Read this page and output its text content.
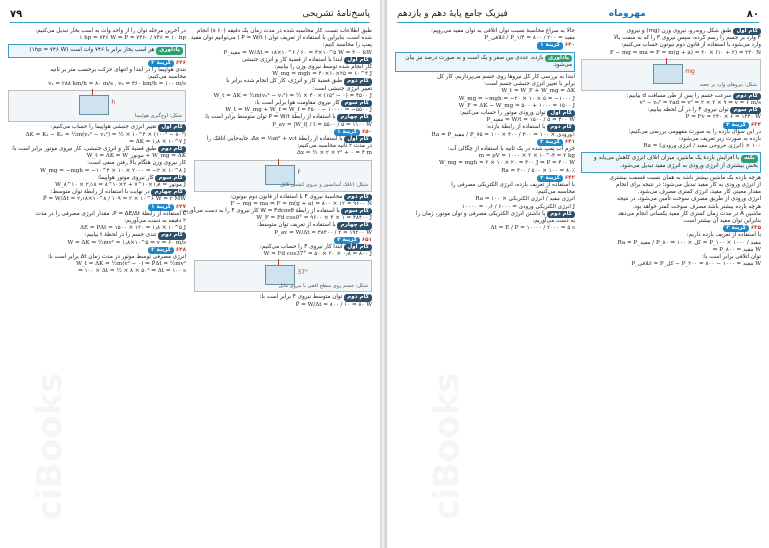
۷۹	پاسخ‌نامهٔ تشریحی
ciBooks
طبق اطلاعات تست، کار محاسبه شده در مدت زمان یک دقیقه (۶۰ s) انجام
شده است، بنابراین با استفاده از تعریف توان ( P = W/t ) می‌توانیم توان مفید
پمپ را محاسبه کنیم:
P_مفید = W/Δt = ۱۸×۱۰^۶ / ۶۰ = ۳×۱۰^۵ W = ۳۰۰ kW
گام اول ابتدا با استفاده از قضیهٔ کار و انرژی جنبشی
کار انجام شده توسط نیروی وزن را بیابیم:
W_mg = mgh = ۴۰×۱۰×۲۵ = ۱۰^۴ J
گام دوم طبق قضیهٔ کار و انرژی، کار کل انجام شده برابر با
تغییر انرژی جنبشی است:
W_t = ΔK = ½m(v₂² − v₁²) = ½ × ۴۰ × (۱۵² − ۰) = ۴۵۰۰ J
گام سوم کار نیروی مقاومت هوا برابر است با:
W_t = W_mg + W_f ⇒ W_f = ۴۵۰۰ − ۱۰۰۰۰ = −۵۵۰۰ J
گام چهارم با استفاده از رابطهٔ P = W/t توان متوسط برابر است با:
P_av = |W_f| / t = ۵۵۰۰ / ۵ = ۱۱۰۰ W
۶۵۰ گزینهٔ ۱
گام اول با استفاده از رابطهٔ Δx = ½at² + v₀t، جابه‌جایی اتاقک را
در مدت ۲ ثانیه محاسبه می‌کنیم:
Δx = ½ × ۲ × ۲² + ۰ = ۴ m
F
شکل: اتاقک آسانسور و نیروی کشش کابل
گام دوم محاسبهٔ نیروی F با استفاده از قانون دوم نیوتون:
F − mg = ma ⇒ F = m(g + a) = ۸۰۰ × ۱۲ = ۹۶۰۰ N
گام سوم با استفاده از رابطهٔ W = Fdcosθ کار نیروی F را به دست می‌آوریم:
W_F = Fd cos0° = ۹۶۰۰ × ۴ × ۱ = ۳۸۴۰۰ J
گام چهارم با استفاده از تعریف توان متوسط:
P_av = W/Δt = ۳۸۴۰۰ / ۲ = ۱۹۲۰۰ W
۶۵۱ گزینهٔ ۴
گام اول ابتدا کار نیروی F را حساب می‌کنیم:
W = Fd cos37° = ۵۰ × ۲۰ × ۰٫۸ = ۸۰۰ J
37°
شکل: جسم روی سطح افقی با نیروی مایل
گام دوم توان متوسط نیروی F برابر است با:
P̄ = W/Δt = ۸۰۰ / ۱۰ = ۸۰ W
در آخرین مرحله توان را از واحد وات به اسب بخار تبدیل می‌کنیم:
۱ hp = ۷۴۶ W ⇒ P = ۷۴۶۰ / ۷۴۶ = ۱۰ hp
یادآوری هر اسب بخار برابر با ۷۴۶ وات است (۱hp = ۷۴۶ W)
۶۴۶ گزینهٔ ۲
تندی هواپیما را در ابتدا و انتهای حرکت برحسب متر بر ثانیه
محاسبه می‌کنیم:
v₁ = ۲۸۸ km/h = ۸۰ m/s , v₂ = ۳۶۰ km/h = ۱۰۰ m/s
h
شکل: اوج‌گیری هواپیما
گام اول تغییر انرژی جنبشی هواپیما را حساب می‌کنیم:
ΔK = K₂ − K₁ = ½m(v₂² − v₁²) = ½ × ۱۰^۴ × (۱۰۰² − ۸۰²)
⇒ ΔK = ۱٫۸ × ۱۰^۷ J
گام دوم طبق قضیهٔ کار و انرژی جنبشی، کار نیروی موتور برابر است با:
W_t = ΔK ⇒ W_موتور + W_mg = ΔK
کار نیروی وزن هنگام بالا رفتن منفی است:
W_mg = −mgh = −۱۰^۴ × ۱۰ × ۲۰۰۰ = −۲ × ۱۰^۸ J
گام سوم کار نیروی موتور هواپیما:
W_موتور = ۱٫۸×۱۰^۷ + ۲×۱۰^۸ = ۲٫۱۸ × ۱۰^۸ J
گام چهارم در نهایت با استفاده از رابطهٔ توان متوسط:
P̄ = W/Δt = ۲٫۱۸×۱۰^۸ / ۱۰۹ = ۲ × ۱۰^۶ W = ۲ MW
۶۴۷ گزینهٔ ۱
با استفاده از رابطهٔ P = ΔE/Δt، مقدار انرژی مصرفی را در مدت
۲ دقیقه به دست می‌آوریم:
ΔE = PΔt = ۱۵۰۰ × ۱۲۰ = ۱٫۸ × ۱۰^۵ J
گام دوم تندی جسم را در لحظهٔ t بیابیم:
W = ΔK ⇒ ½mv² = ۱٫۸×۱۰^۵ ⇒ v = ۶۰ m/s
۶۴۸ گزینهٔ ۳
انرژی مصرفی توسط موتور در مدت زمان Δt برابر است با:
W_t = ΔK = ½m(v² − ۰) ⇒ P̄Δt = ½mv²
⇒ ۱۰۰ × Δt = ½ × ۸ × ۵۰² ⇒ Δt = ۱۰۰ s
فیزیک جامع پایهٔ دهم و یازدهم	مهروماه	۸۰
ciBooks
گام اول طبق شکل روبه‌رو، نیروی وزن (mg) و نیروی
F وارد بر جسم را رسم کرده، سپس نیروی F را که به سمت بالا
وارد می‌شود با استفاده از قانون دوم نیوتون حساب می‌کنیم:
F − mg = ma ⇒ F = m(g + a) = ۲۰ × (۱۰ + ۲) = ۲۴۰ N
mg
شکل: نیروهای وارد بر جعبه
گام دوم سرعت جسم را پس از طی مسافت d بیابیم:
v² − v₀² = ۲ad ⇒ v² = ۲ × ۲ × ۹ ⇒ v = ۶ m/s
گام سوم توان نیروی F را در آن لحظه بیابیم:
P = Fv = ۲۴۰ × ۶ = ۱۴۴۰ W
۶۳۴ گزینهٔ ۴
در این سؤال بازده را به صورت مفهومی بررسی می‌کنیم؛
بازده به صورت زیر تعریف می‌شود:
Ra = (انرژی خروجی مفید / انرژی ورودی) × ۱۰۰
نکته با افزایش بازدهٔ یک ماشین، میزان اتلاف انرژی کاهش می‌یابد و بخش بیشتری از انرژی ورودی به انرژی مفید تبدیل می‌شود.
هرچه بازده یک ماشین بیشتر باشد به همان نسبت قسمت بیشتری
از انرژی ورودی به کار مفید تبدیل می‌شود؛ در نتیجه برای انجام
مقدار معینی کار مفید، انرژی کمتری مصرف می‌شود.
انرژی ورودی از طریق مصرف سوخت تأمین می‌شود، در نتیجه
هرچه بازده بیشتر باشد مصرف سوخت کمتر خواهد بود.
ماشین A در مدت زمان کمتری کار مفید یکسانی انجام می‌دهد
بنابراین توان مفید آن بیشتر است.
۶۳۵ گزینهٔ ۳
با استفاده از تعریف بازده داریم:
Ra = P_مفید / P_کل × ۱۰۰ ⇒ ۸۰ = P_مفید / ۱۰۰۰ × ۱۰۰
⇒ P_مفید = ۸۰۰ W
توان اتلافی برابر است با:
P_اتلافی = P_کل − P_مفید = ۱۰۰۰ − ۸۰۰ = ۲۰۰ W
حالا به سراغ محاسبهٔ نسبت توان اتلافی به توان مفید می‌رویم:
P_اتلافی / P_مفید = ۲۰۰ / ۸۰۰ = ۱/۴
۶۴۰ گزینهٔ ۱
یادآوری بازده، عددی بین صفر و یک است و به صورت درصد نیز بیان می‌شود.
ابتدا به بررسی کار کل نیروها روی جسم می‌پردازیم. کار کل
برابر با تغییر انرژی جنبشی جسم است:
W_t = W_F + W_mg = ΔK
W_mg = −mgh = −۲۰ × ۱۰ × ۵ = −۱۰۰۰ J
W_F = ΔK − W_mg = ۵۰۰ + ۱۰۰۰ = ۱۵۰۰ J
گام اول توان ورودی موتور را حساب می‌کنیم:
P_مفید = W/t = ۱۵۰۰ / ۵ = ۳۰۰ W
گام دوم با استفاده از رابطهٔ بازده:
Ra = P_مفید / P_ورودی × ۱۰۰ = ۳۰۰ / ۴۰۰ × ۱۰۰ = ۷۵٪
۶۴۱ گزینهٔ ۲
جرم آب پمپ شده در یک ثانیه با استفاده از چگالی آب:
m = ρV = ۱۰۰۰ × ۲ × ۱۰^-۳ = ۲ kg
W_mg = mgh = ۲ × ۱۰ × ۲۰ = ۴۰۰ J ⇒ P = ۴۰۰ W
Ra = ۴۰۰ / ۵۰۰ × ۱۰۰ = ۸۰٪
۶۴۲ گزینهٔ ۴
با استفاده از تعریف بازده، انرژی الکتریکی مصرفی را
محاسبه می‌کنیم:
Ra = انرژی مفید / انرژی الکتریکی × ۱۰۰
انرژی الکتریکی ورودی = ۶۰۰۰ / ۰٫۶ = ۱۰۰۰۰ J
گام دوم با داشتن انرژی الکتریکی مصرفی و توان موتور، زمان را
به دست می‌آوریم:
Δt = E / P = ۱۰۰۰۰ / ۲۰۰۰ = ۵ s
